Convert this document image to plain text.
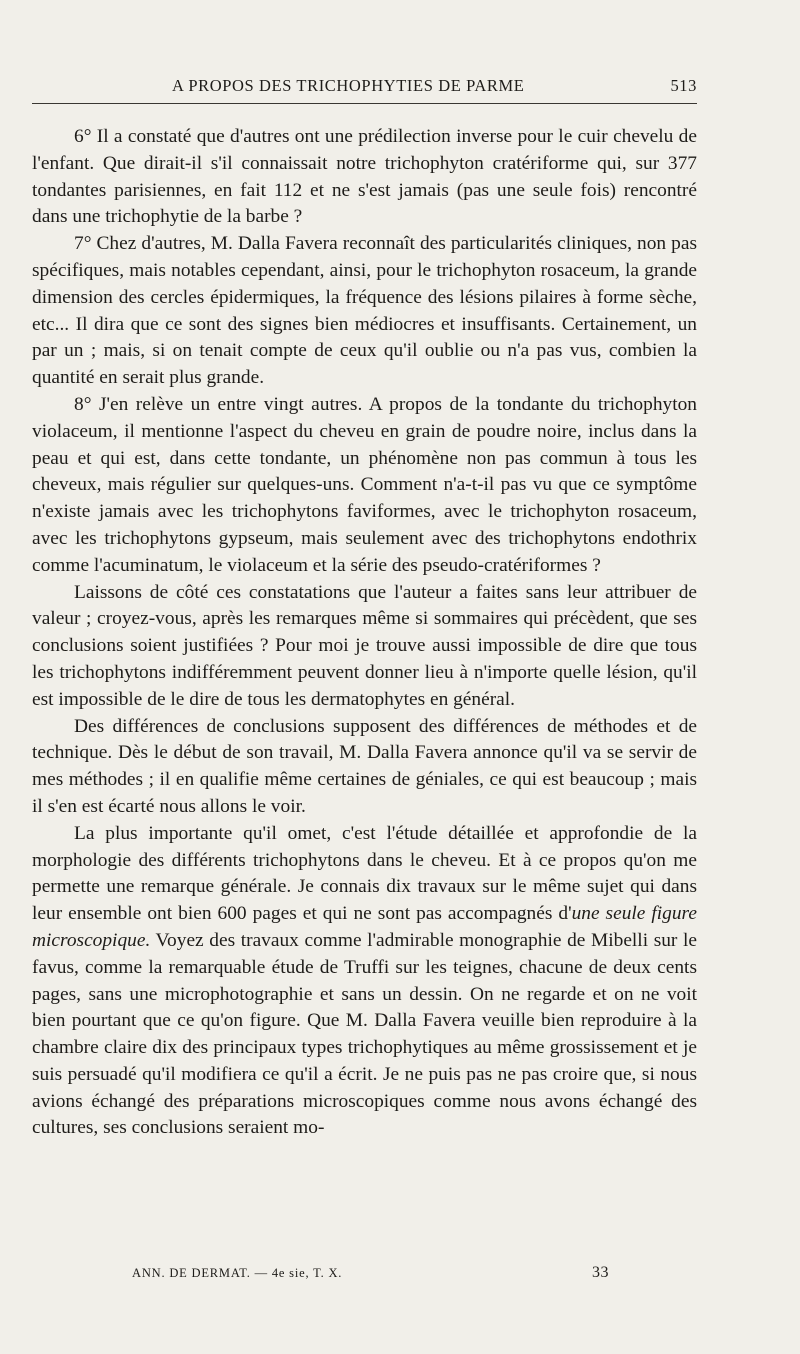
A PROPOS DES TRICHOPHYTIES DE PARME	513

6° Il a constaté que d'autres ont une prédilection inverse pour le cuir chevelu de l'enfant. Que dirait-il s'il connaissait notre trichophyton cratériforme qui, sur 377 tondantes parisiennes, en fait 112 et ne s'est jamais (pas une seule fois) rencontré dans une trichophytie de la barbe ?

7° Chez d'autres, M. Dalla Favera reconnaît des particularités cliniques, non pas spécifiques, mais notables cependant, ainsi, pour le trichophyton rosaceum, la grande dimension des cercles épidermiques, la fréquence des lésions pilaires à forme sèche, etc... Il dira que ce sont des signes bien médiocres et insuffisants. Certainement, un par un ; mais, si on tenait compte de ceux qu'il oublie ou n'a pas vus, combien la quantité en serait plus grande.

8° J'en relève un entre vingt autres. A propos de la tondante du trichophyton violaceum, il mentionne l'aspect du cheveu en grain de poudre noire, inclus dans la peau et qui est, dans cette tondante, un phénomène non pas commun à tous les cheveux, mais régulier sur quelques-uns. Comment n'a-t-il pas vu que ce symptôme n'existe jamais avec les trichophytons faviformes, avec le trichophyton rosaceum, avec les trichophytons gypseum, mais seulement avec des trichophytons endothrix comme l'acuminatum, le violaceum et la série des pseudo-cratériformes ?

Laissons de côté ces constatations que l'auteur a faites sans leur attribuer de valeur ; croyez-vous, après les remarques même si sommaires qui précèdent, que ses conclusions soient justifiées ? Pour moi je trouve aussi impossible de dire que tous les trichophytons indifféremment peuvent donner lieu à n'importe quelle lésion, qu'il est impossible de le dire de tous les dermatophytes en général.

Des différences de conclusions supposent des différences de méthodes et de technique. Dès le début de son travail, M. Dalla Favera annonce qu'il va se servir de mes méthodes ; il en qualifie même certaines de géniales, ce qui est beaucoup ; mais il s'en est écarté nous allons le voir.

La plus importante qu'il omet, c'est l'étude détaillée et approfondie de la morphologie des différents trichophytons dans le cheveu. Et à ce propos qu'on me permette une remarque générale. Je connais dix travaux sur le même sujet qui dans leur ensemble ont bien 600 pages et qui ne sont pas accompagnés d'une seule figure microscopique. Voyez des travaux comme l'admirable monographie de Mibelli sur le favus, comme la remarquable étude de Truffi sur les teignes, chacune de deux cents pages, sans une microphotographie et sans un dessin. On ne regarde et on ne voit bien pourtant que ce qu'on figure. Que M. Dalla Favera veuille bien reproduire à la chambre claire dix des principaux types trichophytiques au même grossissement et je suis persuadé qu'il modifiera ce qu'il a écrit. Je ne puis pas ne pas croire que, si nous avions échangé des préparations microscopiques comme nous avons échangé des cultures, ses conclusions seraient mo-

ANN. DE DERMAT. — 4e sie, T. X.	33
